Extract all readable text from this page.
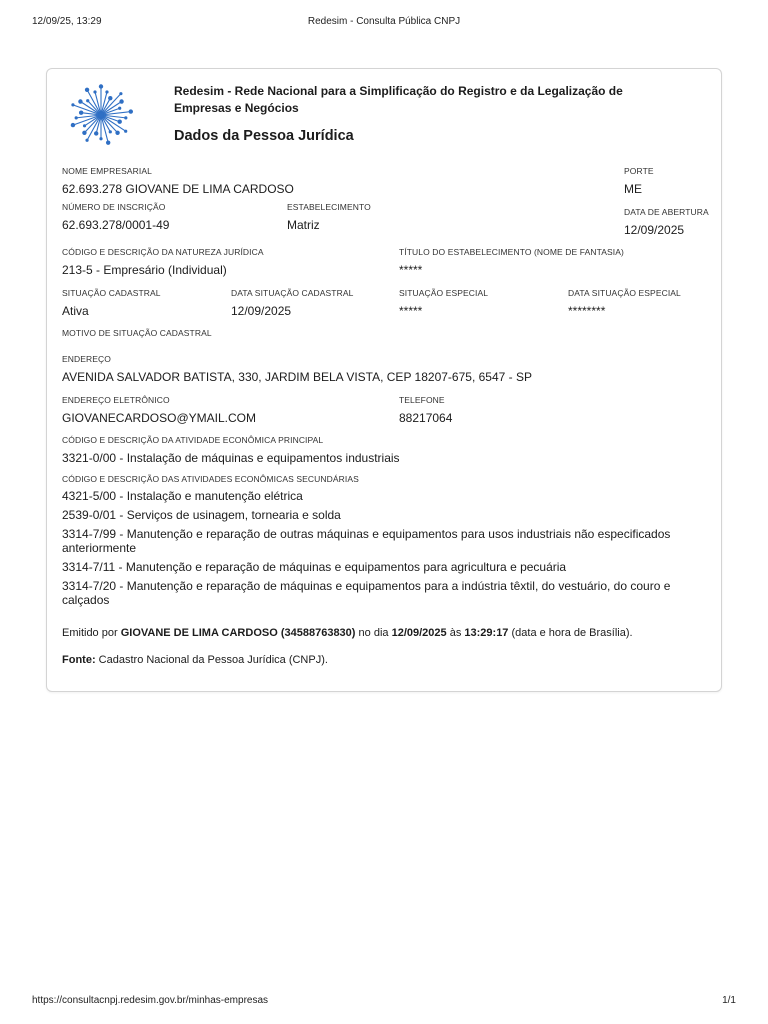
12/09/25, 13:29	Redesim - Consulta Pública CNPJ
Redesim - Rede Nacional para a Simplificação do Registro e da Legalização de Empresas e Negócios
Dados da Pessoa Jurídica
NOME EMPRESARIAL
62.693.278 GIOVANE DE LIMA CARDOSO
PORTE
ME
NÚMERO DE INSCRIÇÃO
62.693.278/0001-49
ESTABELECIMENTO
Matriz
DATA DE ABERTURA
12/09/2025
CÓDIGO E DESCRIÇÃO DA NATUREZA JURÍDICA
213-5 - Empresário (Individual)
TÍTULO DO ESTABELECIMENTO (NOME DE FANTASIA)
*****
SITUAÇÃO CADASTRAL
Ativa
DATA SITUAÇÃO CADASTRAL
12/09/2025
SITUAÇÃO ESPECIAL
*****
DATA SITUAÇÃO ESPECIAL
********
MOTIVO DE SITUAÇÃO CADASTRAL
ENDEREÇO
AVENIDA SALVADOR BATISTA, 330, JARDIM BELA VISTA, CEP 18207-675, 6547 - SP
ENDEREÇO ELETRÔNICO
GIOVANECARDOSO@YMAIL.COM
TELEFONE
88217064
CÓDIGO E DESCRIÇÃO DA ATIVIDADE ECONÔMICA PRINCIPAL
3321-0/00 - Instalação de máquinas e equipamentos industriais
CÓDIGO E DESCRIÇÃO DAS ATIVIDADES ECONÔMICAS SECUNDÁRIAS
4321-5/00 - Instalação e manutenção elétrica
2539-0/01 - Serviços de usinagem, tornearia e solda
3314-7/99 - Manutenção e reparação de outras máquinas e equipamentos para usos industriais não especificados anteriormente
3314-7/11 - Manutenção e reparação de máquinas e equipamentos para agricultura e pecuária
3314-7/20 - Manutenção e reparação de máquinas e equipamentos para a indústria têxtil, do vestuário, do couro e calçados
Emitido por GIOVANE DE LIMA CARDOSO (34588763830) no dia 12/09/2025 às 13:29:17 (data e hora de Brasília).
Fonte: Cadastro Nacional da Pessoa Jurídica (CNPJ).
https://consultacnpj.redesim.gov.br/minhas-empresas	1/1
